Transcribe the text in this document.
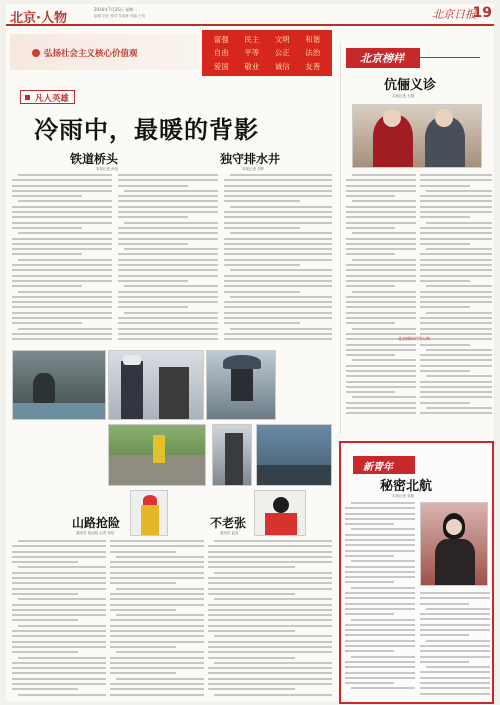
北京·人物
2016年7月25日 星期一
编辑 刘佳 校对 张鸿雁 美编 王明	北京日报
19
弘扬社会主义核心价值观
富强	民主	文明	和谐
自由	平等	公正	法治
爱国	敬业	诚信	友善
凡人英雄
冷雨中，最暖的背影
铁道桥头
本报记者 孙莹
独守排水井
本报记者 刘菲
山路抢险
通讯员 张远明 记者 刘佳
不老张
通讯员 赵炎
北京榜样
伉俪义诊
本报记者 王晓
北京榜样周榜人物
新青年
秘密北航
本报记者 邹艳
